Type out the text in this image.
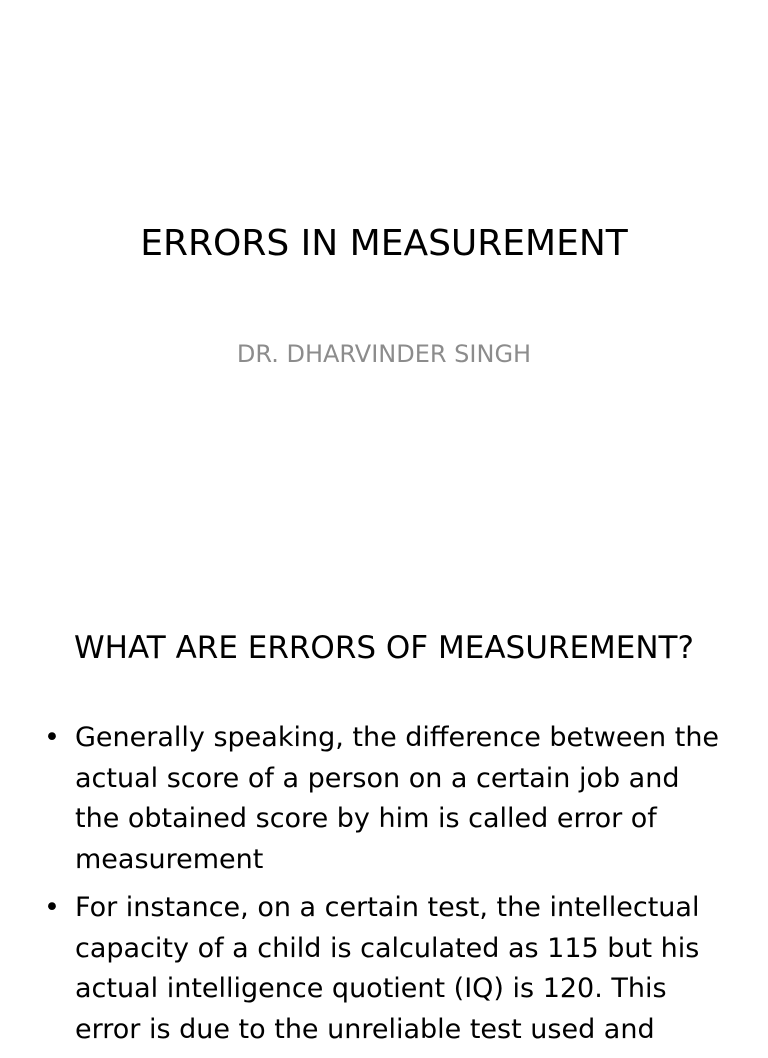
ERRORS IN MEASUREMENT
DR. DHARVINDER SINGH
WHAT ARE ERRORS OF MEASUREMENT?
• Generally speaking, the difference between the actual score of a person on a certain job and the obtained score by him is called error of measurement
• For instance, on a certain test, the intellectual capacity of a child is calculated as 115 but his actual intelligence quotient (IQ) is 120. This error is due to the unreliable test used and
